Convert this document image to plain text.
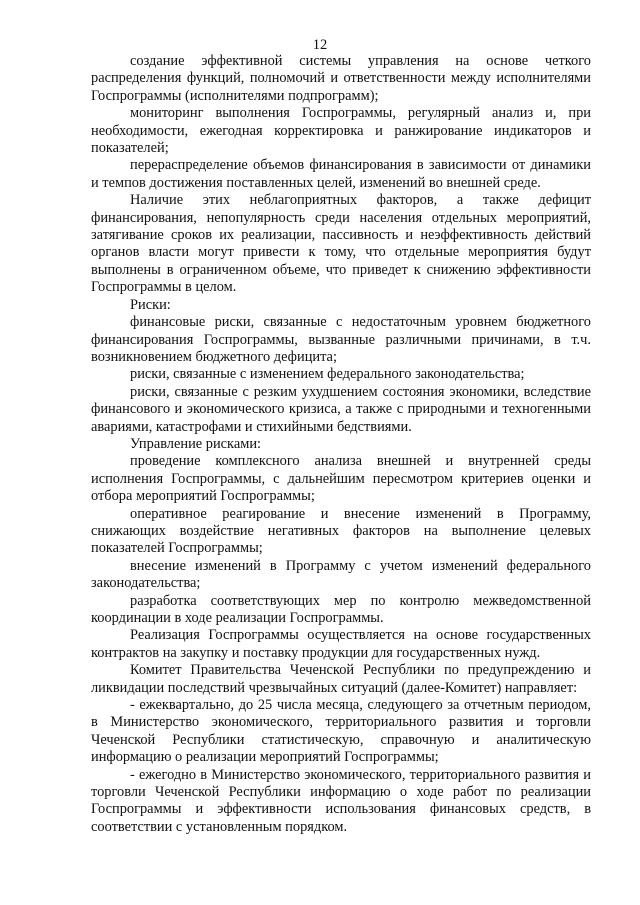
12

создание эффективной системы управления на основе четкого распределения функций, полномочий и ответственности между исполнителями Госпрограммы (исполнителями подпрограмм);

мониторинг выполнения Госпрограммы, регулярный анализ и, при необходимости, ежегодная корректировка и ранжирование индикаторов и показателей;

перераспределение объемов финансирования в зависимости от динамики и темпов достижения поставленных целей, изменений во внешней среде.

Наличие этих неблагоприятных факторов, а также дефицит финансирования, непопулярность среди населения отдельных мероприятий, затягивание сроков их реализации, пассивность и неэффективность действий органов власти могут привести к тому, что отдельные мероприятия будут выполнены в ограниченном объеме, что приведет к снижению эффективности Госпрограммы в целом.

Риски:

финансовые риски, связанные с недостаточным уровнем бюджетного финансирования Госпрограммы, вызванные различными причинами, в т.ч. возникновением бюджетного дефицита;

риски, связанные с изменением федерального законодательства;

риски, связанные с резким ухудшением состояния экономики, вследствие финансового и экономического кризиса, а также с природными и техногенными авариями, катастрофами и стихийными бедствиями.

Управление рисками:

проведение комплексного анализа внешней и внутренней среды исполнения Госпрограммы, с дальнейшим пересмотром критериев оценки и отбора мероприятий Госпрограммы;

оперативное реагирование и внесение изменений в Программу, снижающих воздействие негативных факторов на выполнение целевых показателей Госпрограммы;

внесение изменений в Программу с учетом изменений федерального законодательства;

разработка соответствующих мер по контролю межведомственной координации в ходе реализации Госпрограммы.

Реализация Госпрограммы осуществляется на основе государственных контрактов на закупку и поставку продукции для государственных нужд.

Комитет Правительства Чеченской Республики по предупреждению и ликвидации последствий чрезвычайных ситуаций (далее-Комитет) направляет:

- ежеквартально, до 25 числа месяца, следующего за отчетным периодом, в Министерство экономического, территориального развития и торговли Чеченской Республики статистическую, справочную и аналитическую информацию о реализации мероприятий Госпрограммы;

- ежегодно в Министерство экономического, территориального развития и торговли Чеченской Республики информацию о ходе работ по реализации Госпрограммы и эффективности использования финансовых средств, в соответствии с установленным порядком.
